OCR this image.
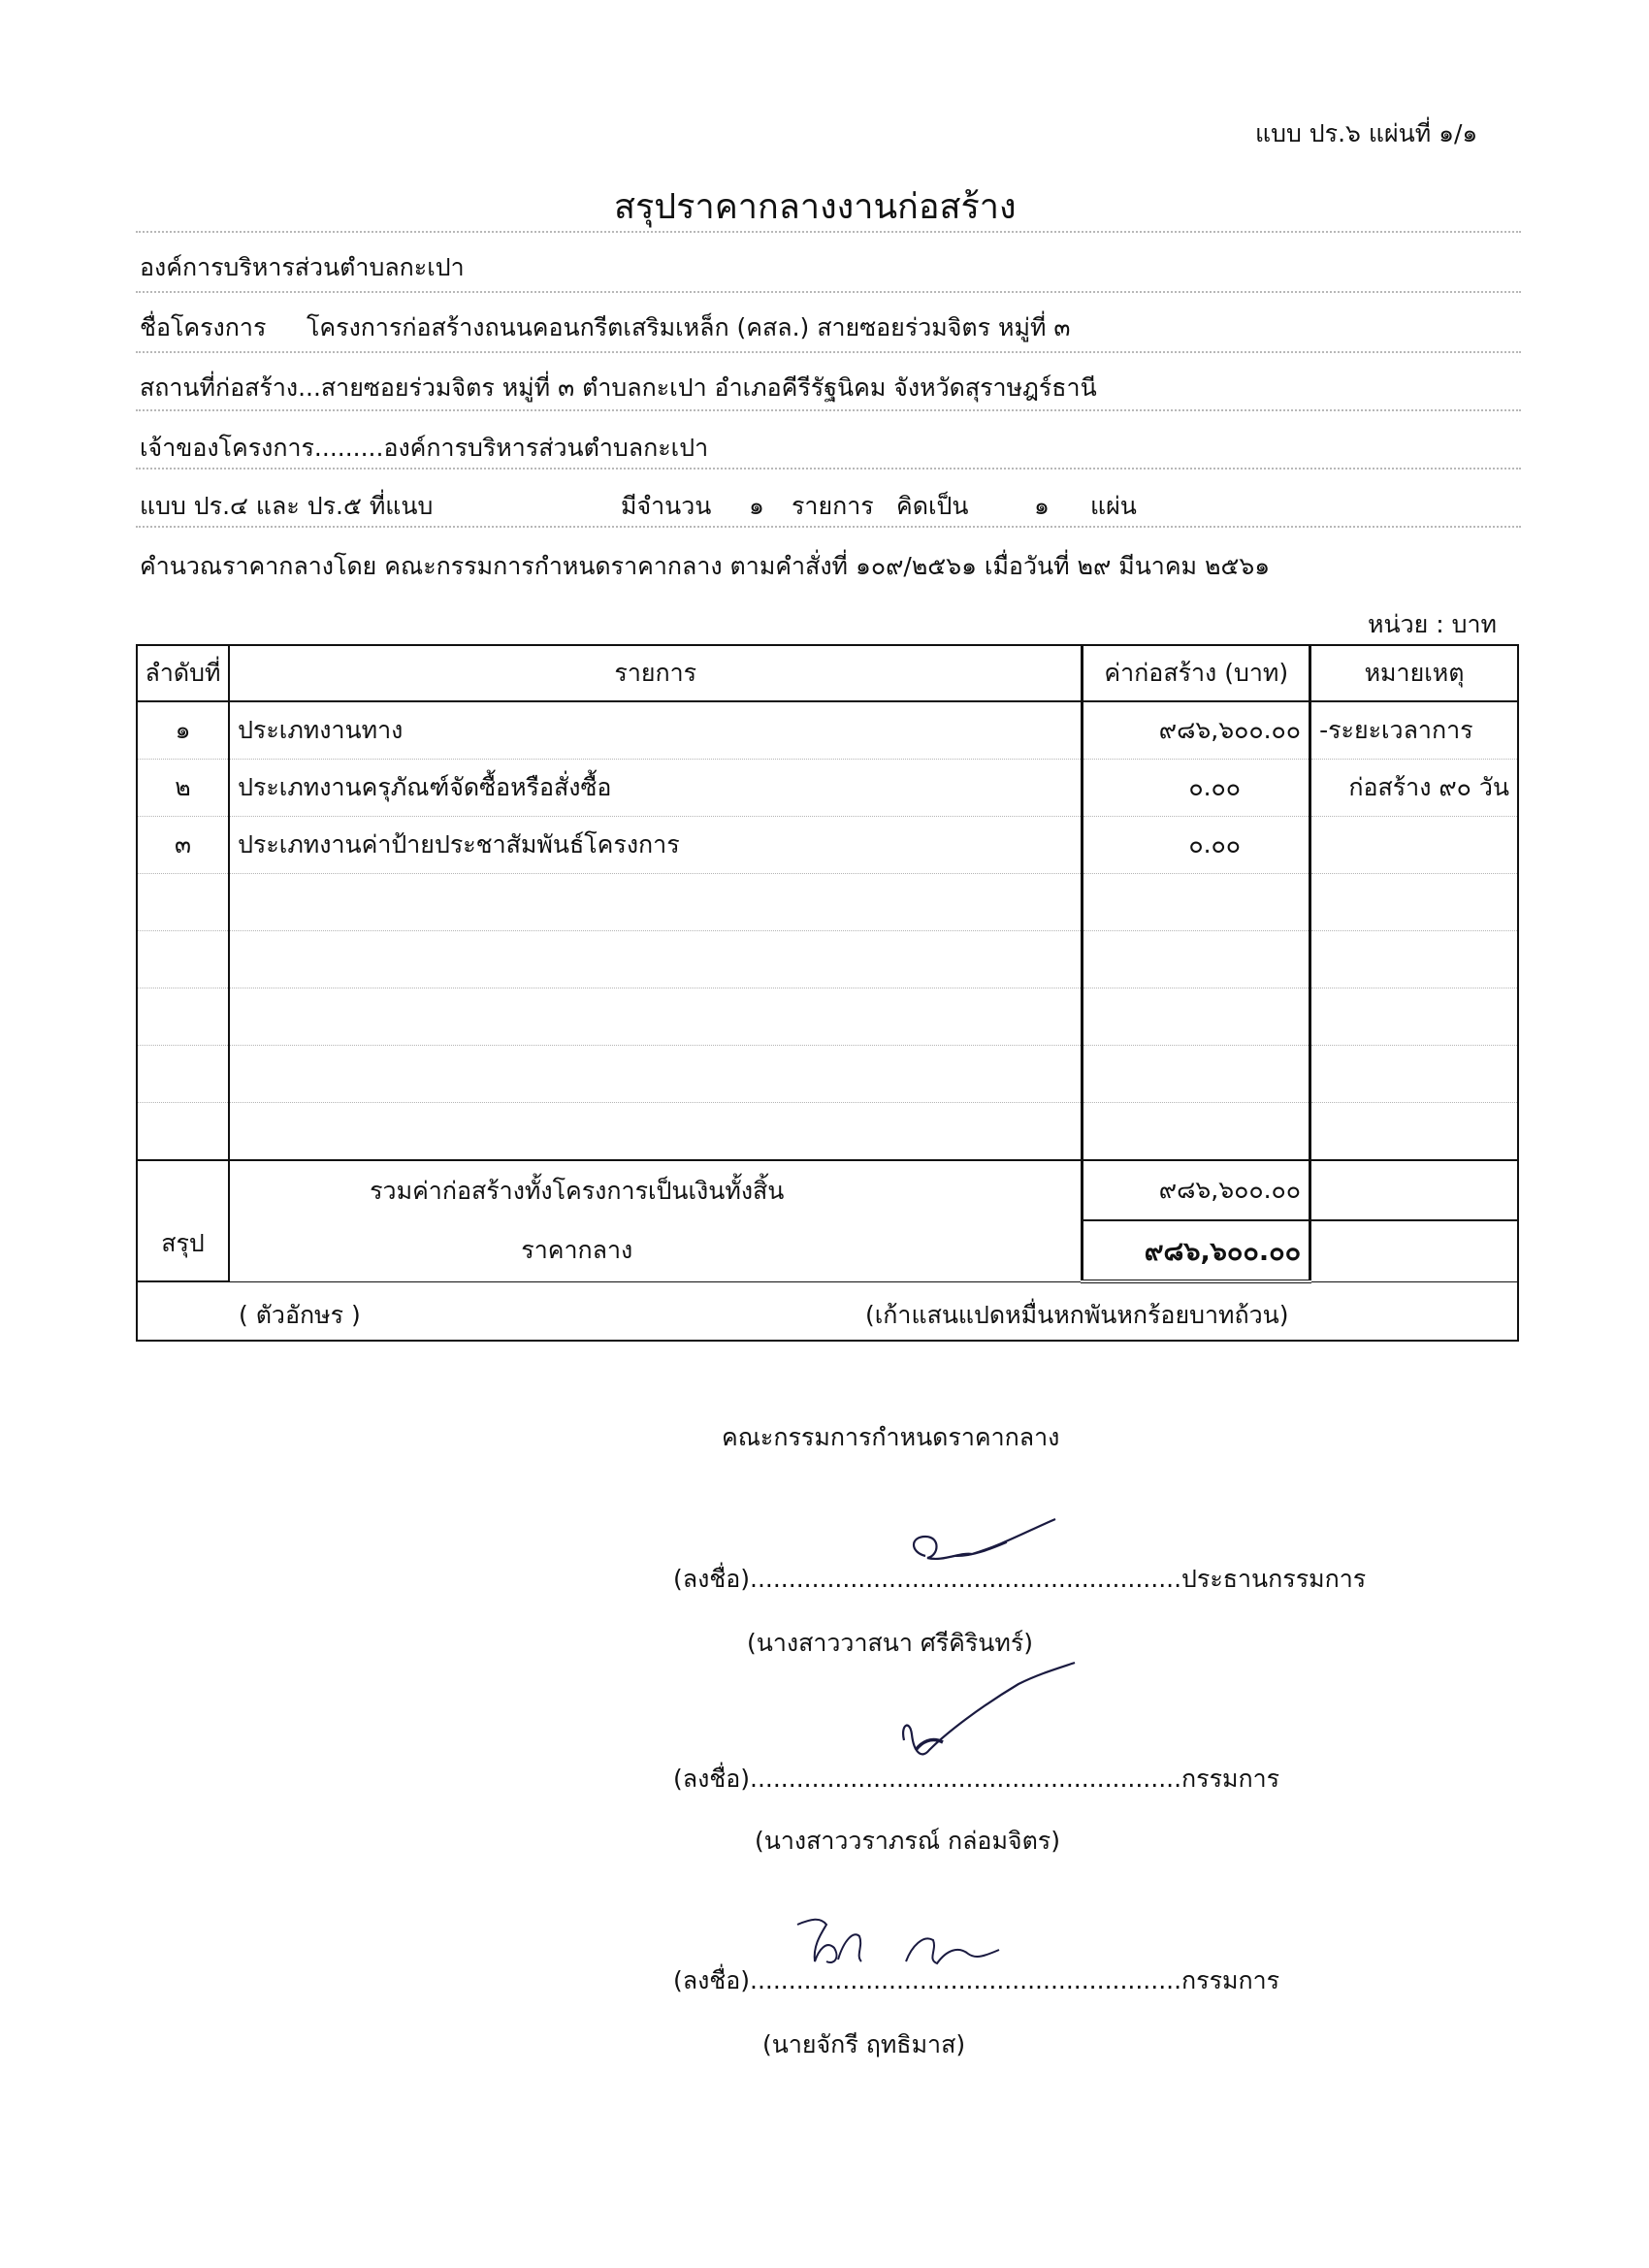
แบบ ปร.๖ แผ่นที่ ๑/๑
สรุปราคากลางงานก่อสร้าง
องค์การบริหารส่วนตำบลกะเปา
ชื่อโครงการ โครงการก่อสร้างถนนคอนกรีตเสริมเหล็ก (คสล.) สายซอยร่วมจิตร หมู่ที่ ๓
สถานที่ก่อสร้าง...สายซอยร่วมจิตร หมู่ที่ ๓ ตำบลกะเปา อำเภอคีรีรัฐนิคม จังหวัดสุราษฎร์ธานี
เจ้าของโครงการ.........องค์การบริหารส่วนตำบลกะเปา
แบบ ปร.๔ และ ปร.๕ ที่แนบ	มีจำนวน ๑ รายการ คิดเป็น	๑ แผ่น
คำนวณราคากลางโดย คณะกรรมการกำหนดราคากลาง ตามคำสั่งที่ ๑๐๙/๒๕๖๑ เมื่อวันที่ ๒๙ มีนาคม ๒๕๖๑
หน่วย : บาท
ลำดับที่	รายการ	ค่าก่อสร้าง (บาท)	หมายเหตุ
๑	ประเภทงานทาง	๙๘๖,๖๐๐.๐๐	-ระยะเวลาการ
๒	ประเภทงานครุภัณฑ์จัดซื้อหรือสั่งซื้อ	๐.๐๐	ก่อสร้าง ๙๐ วัน
๓	ประเภทงานค่าป้ายประชาสัมพันธ์โครงการ	๐.๐๐	

สรุป	รวมค่าก่อสร้างทั้งโครงการเป็นเงินทั้งสิ้น	๙๘๖,๖๐๐.๐๐	
	ราคากลาง	๙๘๖,๖๐๐.๐๐	

( ตัวอักษร ) (เก้าแสนแปดหมื่นหกพันหกร้อยบาทถ้วน)			
คณะกรรมการกำหนดราคากลาง
(ลงชื่อ)........................................................ประธานกรรมการ
(นางสาววาสนา ศรีคิรินทร์)
(ลงชื่อ)........................................................กรรมการ
(นางสาววราภรณ์ กล่อมจิตร)
(ลงชื่อ)........................................................กรรมการ
(นายจักรี ฤทธิมาส)
